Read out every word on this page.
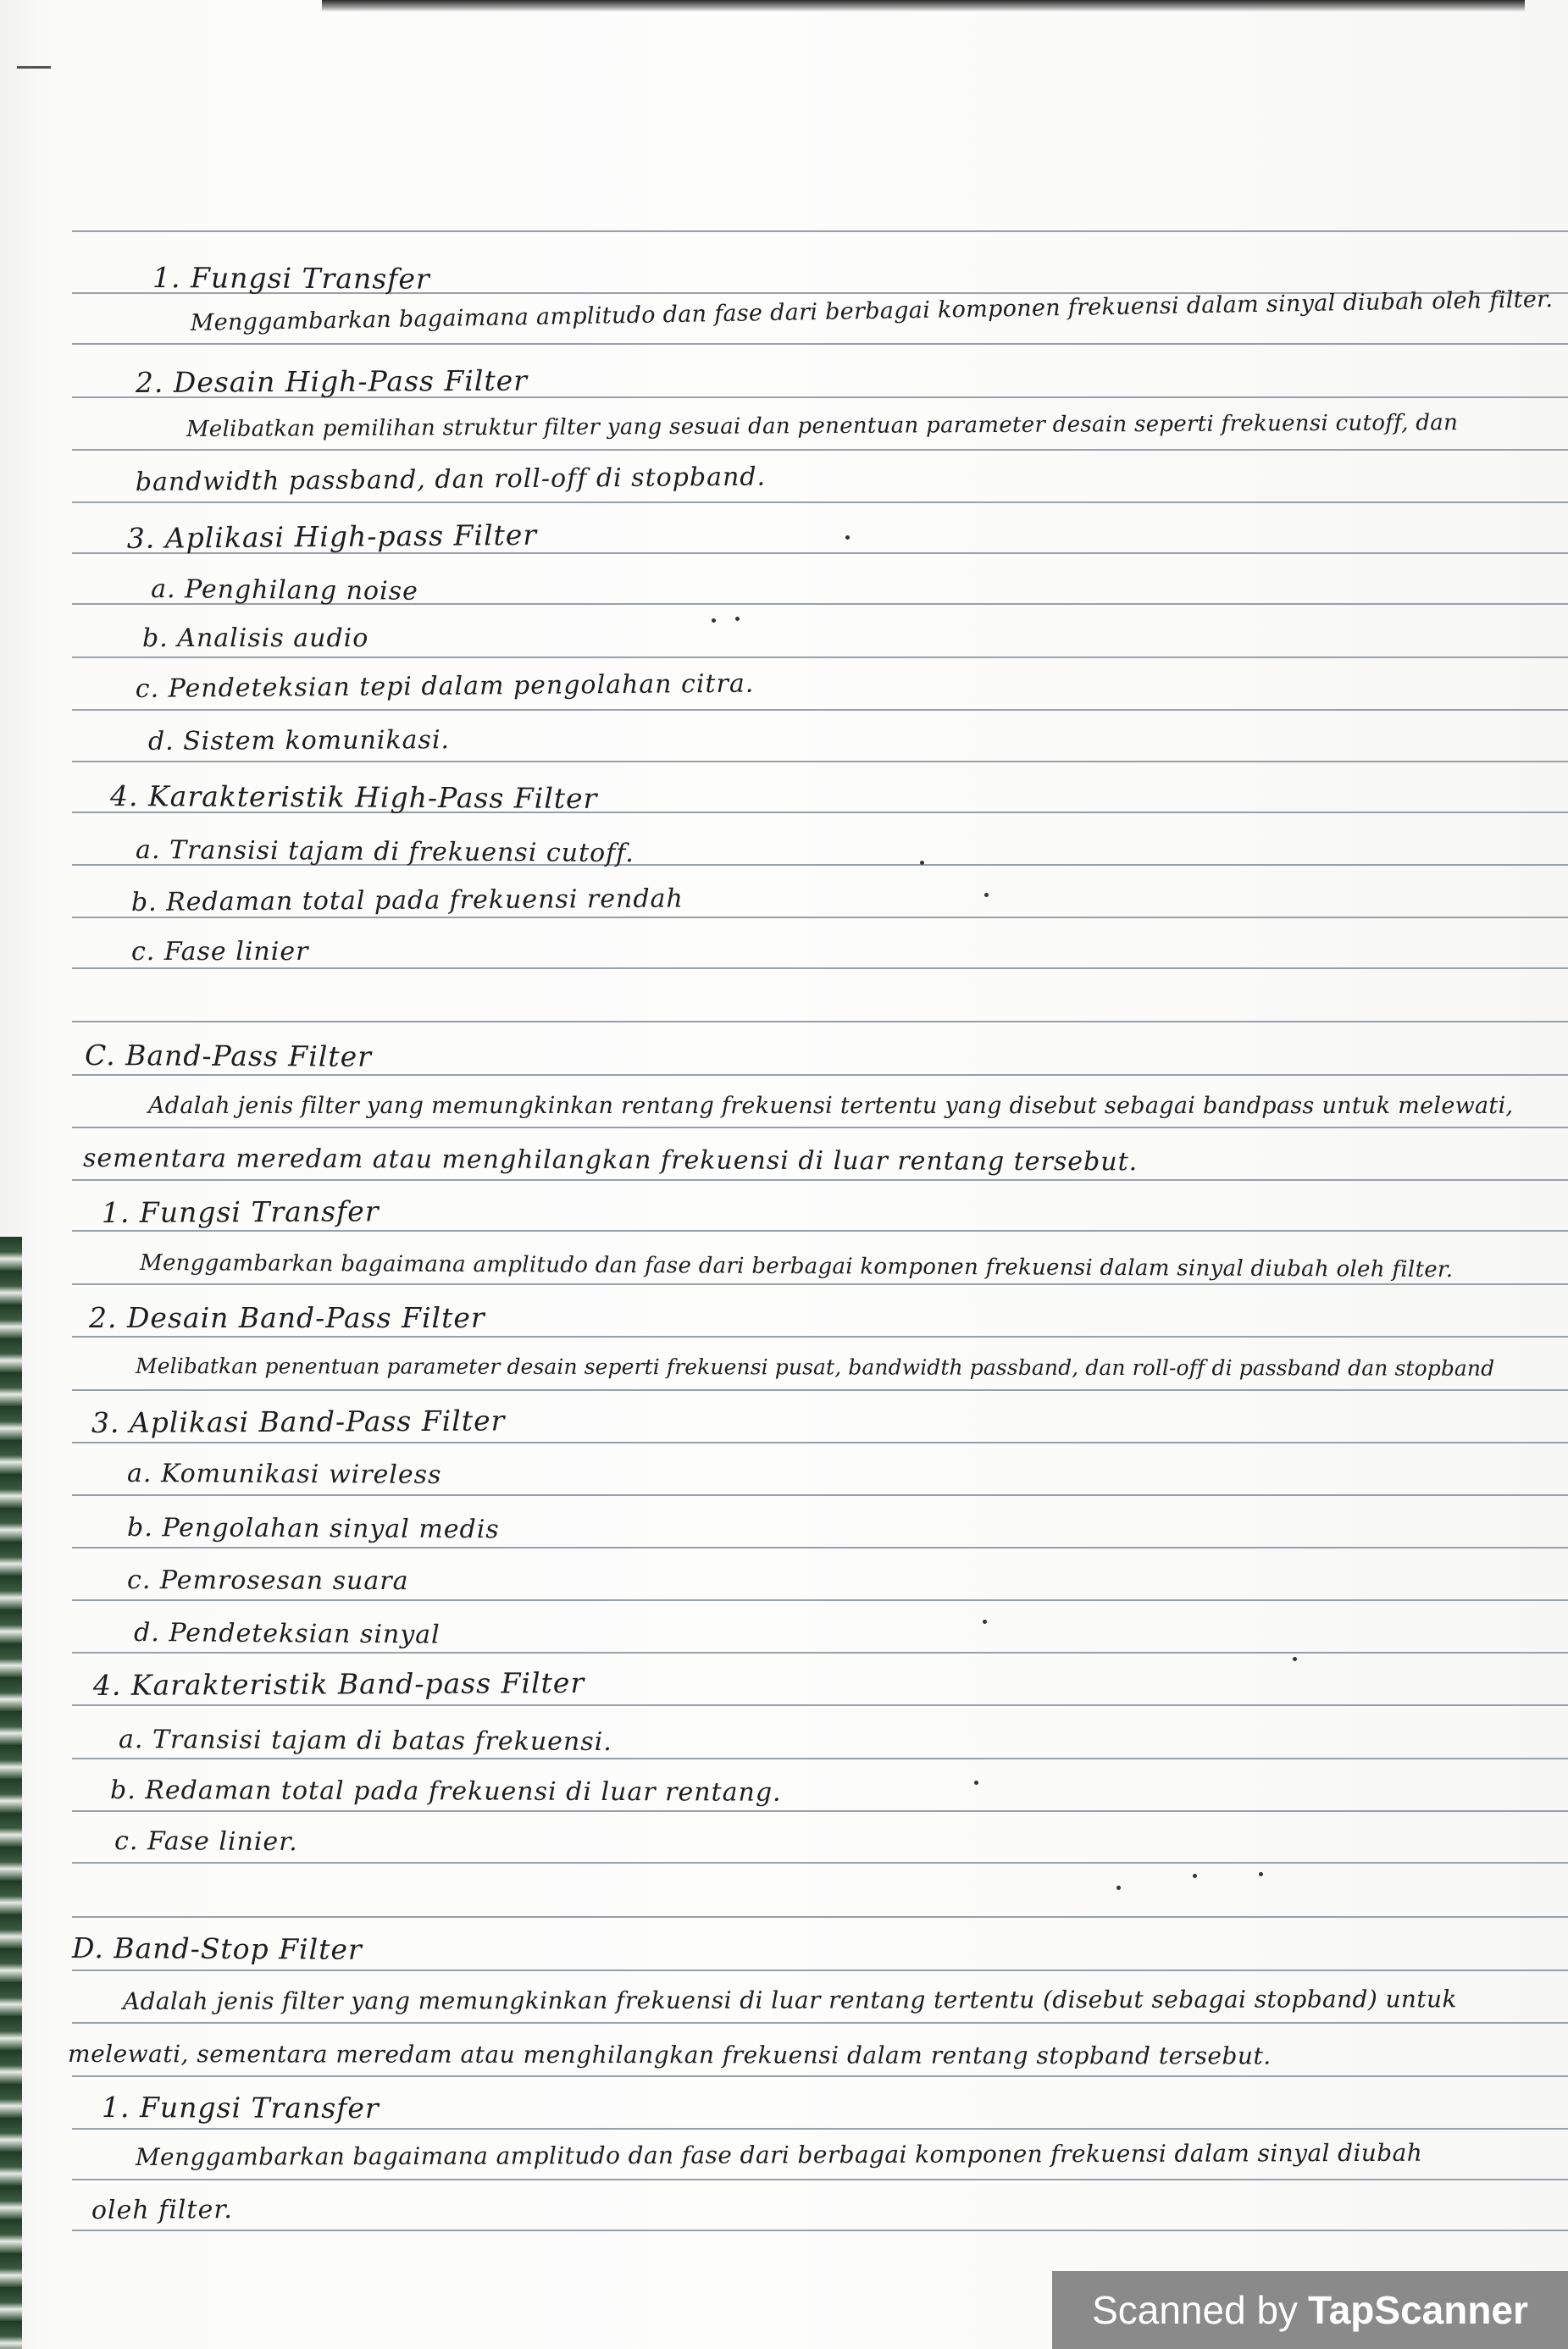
1. Fungsi Transfer
Menggambarkan bagaimana amplitudo dan fase dari berbagai komponen frekuensi dalam sinyal diubah oleh filter.
2. Desain High-Pass Filter
Melibatkan pemilihan struktur filter yang sesuai dan penentuan parameter desain seperti frekuensi cutoff, dan
bandwidth passband, dan roll-off di stopband.
3. Aplikasi High-pass Filter
a. Penghilang noise
b. Analisis audio
c. Pendeteksian tepi dalam pengolahan citra.
d. Sistem komunikasi.
4. Karakteristik High-Pass Filter
a. Transisi tajam di frekuensi cutoff.
b. Redaman total pada frekuensi rendah
c. Fase linier
C. Band-Pass Filter
Adalah jenis filter yang memungkinkan rentang frekuensi tertentu yang disebut sebagai bandpass untuk melewati,
sementara meredam atau menghilangkan frekuensi di luar rentang tersebut.
1. Fungsi Transfer
Menggambarkan bagaimana amplitudo dan fase dari berbagai komponen frekuensi dalam sinyal diubah oleh filter.
2. Desain Band-Pass Filter
Melibatkan penentuan parameter desain seperti frekuensi pusat, bandwidth passband, dan roll-off di passband dan stopband
3. Aplikasi Band-Pass Filter
a. Komunikasi wireless
b. Pengolahan sinyal medis
c. Pemrosesan suara
d. Pendeteksian sinyal
4. Karakteristik Band-pass Filter
a. Transisi tajam di batas frekuensi.
b. Redaman total pada frekuensi di luar rentang.
c. Fase linier.
D. Band-Stop Filter
Adalah jenis filter yang memungkinkan frekuensi di luar rentang tertentu (disebut sebagai stopband) untuk
melewati, sementara meredam atau menghilangkan frekuensi dalam rentang stopband tersebut.
1. Fungsi Transfer
Menggambarkan bagaimana amplitudo dan fase dari berbagai komponen frekuensi dalam sinyal diubah
oleh filter.
Scanned by TapScanner
